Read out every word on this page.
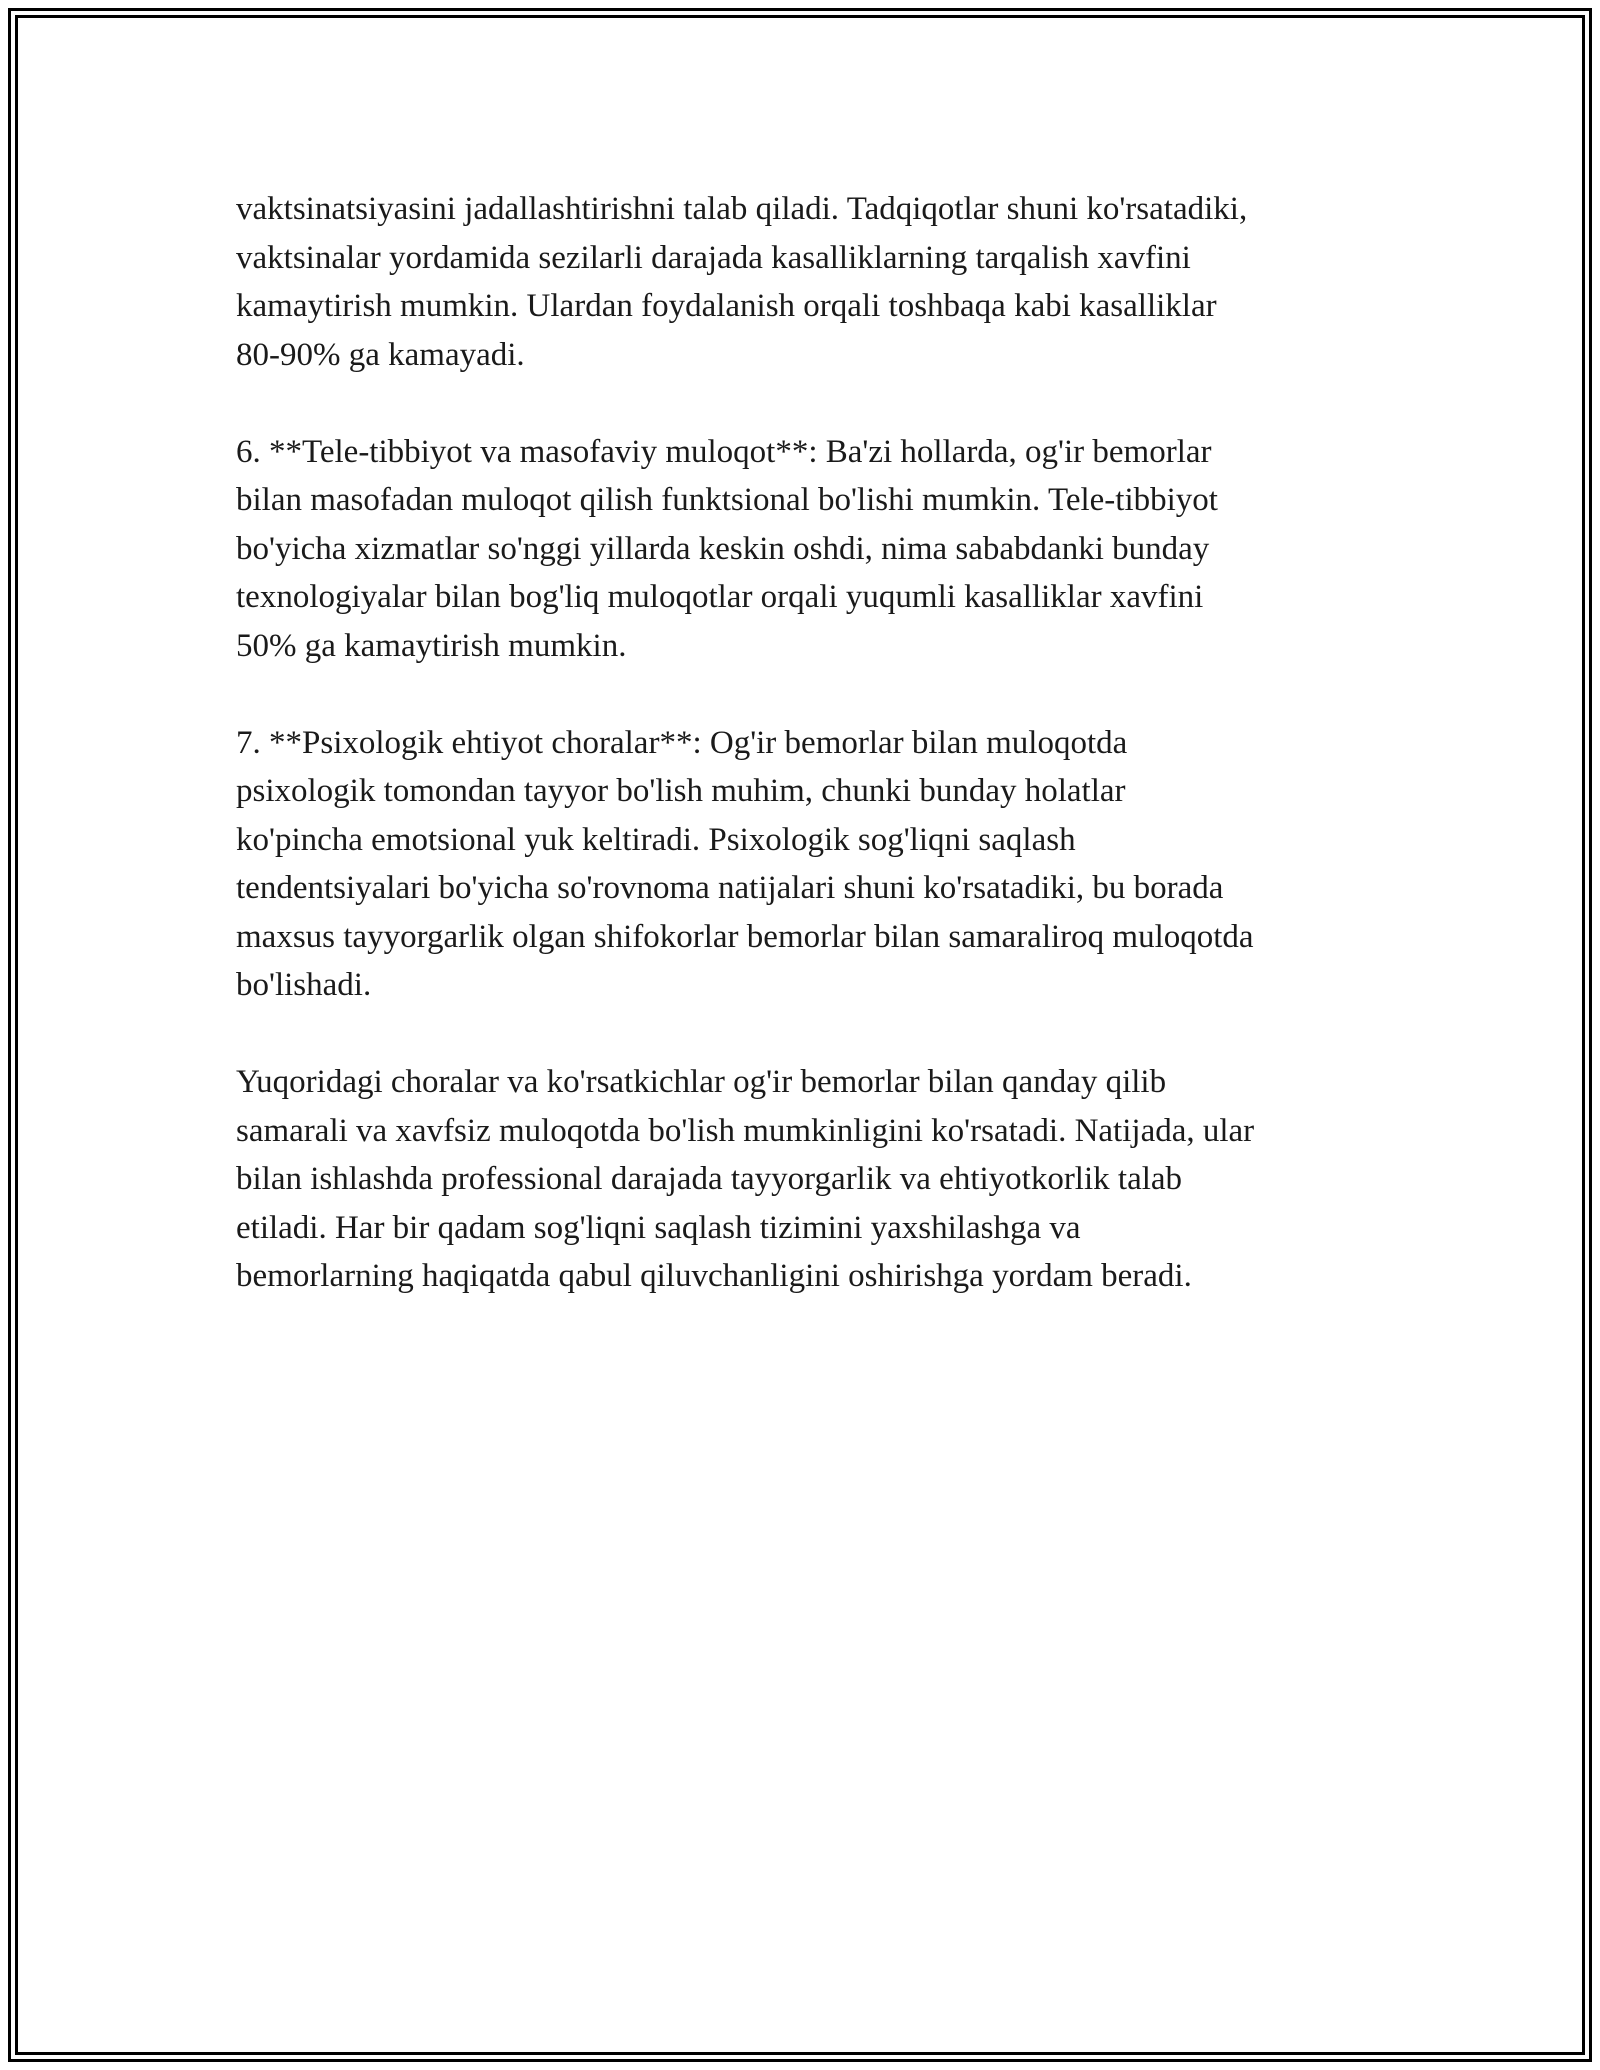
vaktsinatsiyasini jadallashtirishni talab qiladi. Tadqiqotlar shuni ko'rsatadiki,
vaktsinalar yordamida sezilarli darajada kasalliklarning tarqalish xavfini
kamaytirish mumkin. Ulardan foydalanish orqali toshbaqa kabi kasalliklar
80-90% ga kamayadi.

6. **Tele-tibbiyot va masofaviy muloqot**: Ba'zi hollarda, og'ir bemorlar
bilan masofadan muloqot qilish funktsional bo'lishi mumkin. Tele-tibbiyot
bo'yicha xizmatlar so'nggi yillarda keskin oshdi, nima sababdanki bunday
texnologiyalar bilan bog'liq muloqotlar orqali yuqumli kasalliklar xavfini
50% ga kamaytirish mumkin.

7. **Psixologik ehtiyot choralar**: Og'ir bemorlar bilan muloqotda
psixologik tomondan tayyor bo'lish muhim, chunki bunday holatlar
ko'pincha emotsional yuk keltiradi. Psixologik sog'liqni saqlash
tendentsiyalari bo'yicha so'rovnoma natijalari shuni ko'rsatadiki, bu borada
maxsus tayyorgarlik olgan shifokorlar bemorlar bilan samaraliroq muloqotda
bo'lishadi.

Yuqoridagi choralar va ko'rsatkichlar og'ir bemorlar bilan qanday qilib
samarali va xavfsiz muloqotda bo'lish mumkinligini ko'rsatadi. Natijada, ular
bilan ishlashda professional darajada tayyorgarlik va ehtiyotkorlik talab
etiladi. Har bir qadam sog'liqni saqlash tizimini yaxshilashga va
bemorlarning haqiqatda qabul qiluvchanligini oshirishga yordam beradi.
